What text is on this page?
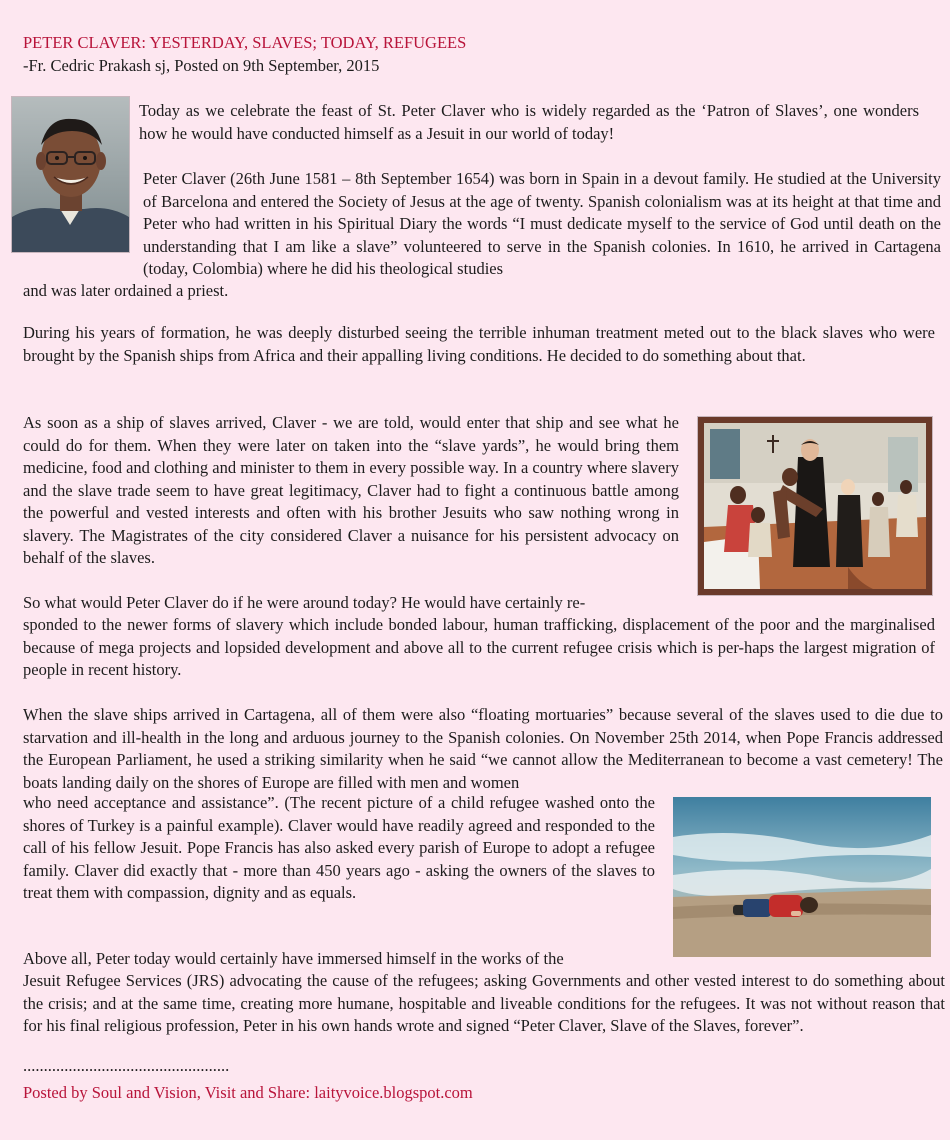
PETER CLAVER: YESTERDAY, SLAVES; TODAY, REFUGEES

-Fr. Cedric Prakash sj, Posted on 9th September, 2015

Today as we celebrate the feast of St. Peter Claver who is widely regarded as the ‘Patron of Slaves’, one wonders how he would have conducted himself as a Jesuit in our world of today!

Peter Claver (26th June 1581 – 8th September 1654) was born in Spain in a devout family. He studied at the University of Barcelona and entered the Society of Jesus at the age of twenty. Spanish colonialism was at its height at that time and Peter who had written in his Spiritual Diary the words “I must dedicate myself to the service of God until death on the understanding that I am like a slave” volunteered to serve in the Spanish colonies. In 1610, he arrived in Cartagena (today, Colombia) where he did his theological studies

and was later ordained a priest.

During his years of formation, he was deeply disturbed seeing the terrible inhuman treatment meted out to the black slaves who were brought by the Spanish ships from Africa and their appalling living conditions. He decided to do something about that.

As soon as a ship of slaves arrived, Claver - we are told, would enter that ship and see what he could do for them. When they were later on taken into the “slave yards”, he would bring them medicine, food and clothing and minister to them in every possible way. In a country where slavery and the slave trade seem to have great legitimacy, Claver had to fight a continuous battle among the powerful and vested interests and often with his brother Jesuits who saw nothing wrong in slavery. The Magistrates of the city considered Claver a nuisance for his persistent advocacy on behalf of the slaves.

So what would Peter Claver do if he were around today? He would have certainly re-

sponded to the newer forms of slavery which include bonded labour, human trafficking, displacement of the poor and the marginalised because of mega projects and lopsided development and above all to the current refugee crisis which is per-haps the largest migration of people in recent history.

When the slave ships arrived in Cartagena, all of them were also “floating mortuaries” because several of the slaves used to die due to starvation and ill-health in the long and arduous journey to the Spanish colonies. On November 25th 2014, when Pope Francis addressed the European Parliament, he used a striking similarity when he said “we cannot allow the Mediterranean to become a vast cemetery! The boats landing daily on the shores of Europe are filled with men and women

who need acceptance and assistance”. (The recent picture of a child refugee washed onto the shores of Turkey is a painful example). Claver would have readily agreed and responded to the call of his fellow Jesuit. Pope Francis has also asked every parish of Europe to adopt a refugee family. Claver did exactly that - more than 450 years ago - asking the owners of the slaves to treat them with compassion, dignity and as equals.

Above all, Peter today would certainly have immersed himself in the works of the

Jesuit Refugee Services (JRS) advocating the cause of the refugees; asking Governments and other vested interest to do something about the crisis; and at the same time, creating more humane, hospitable and liveable conditions for the refugees. It was not without reason that for his final religious profession, Peter in his own hands wrote and signed “Peter Claver, Slave of the Slaves, forever”.

..................................................

Posted by Soul and Vision, Visit and Share: laityvoice.blogspot.com
